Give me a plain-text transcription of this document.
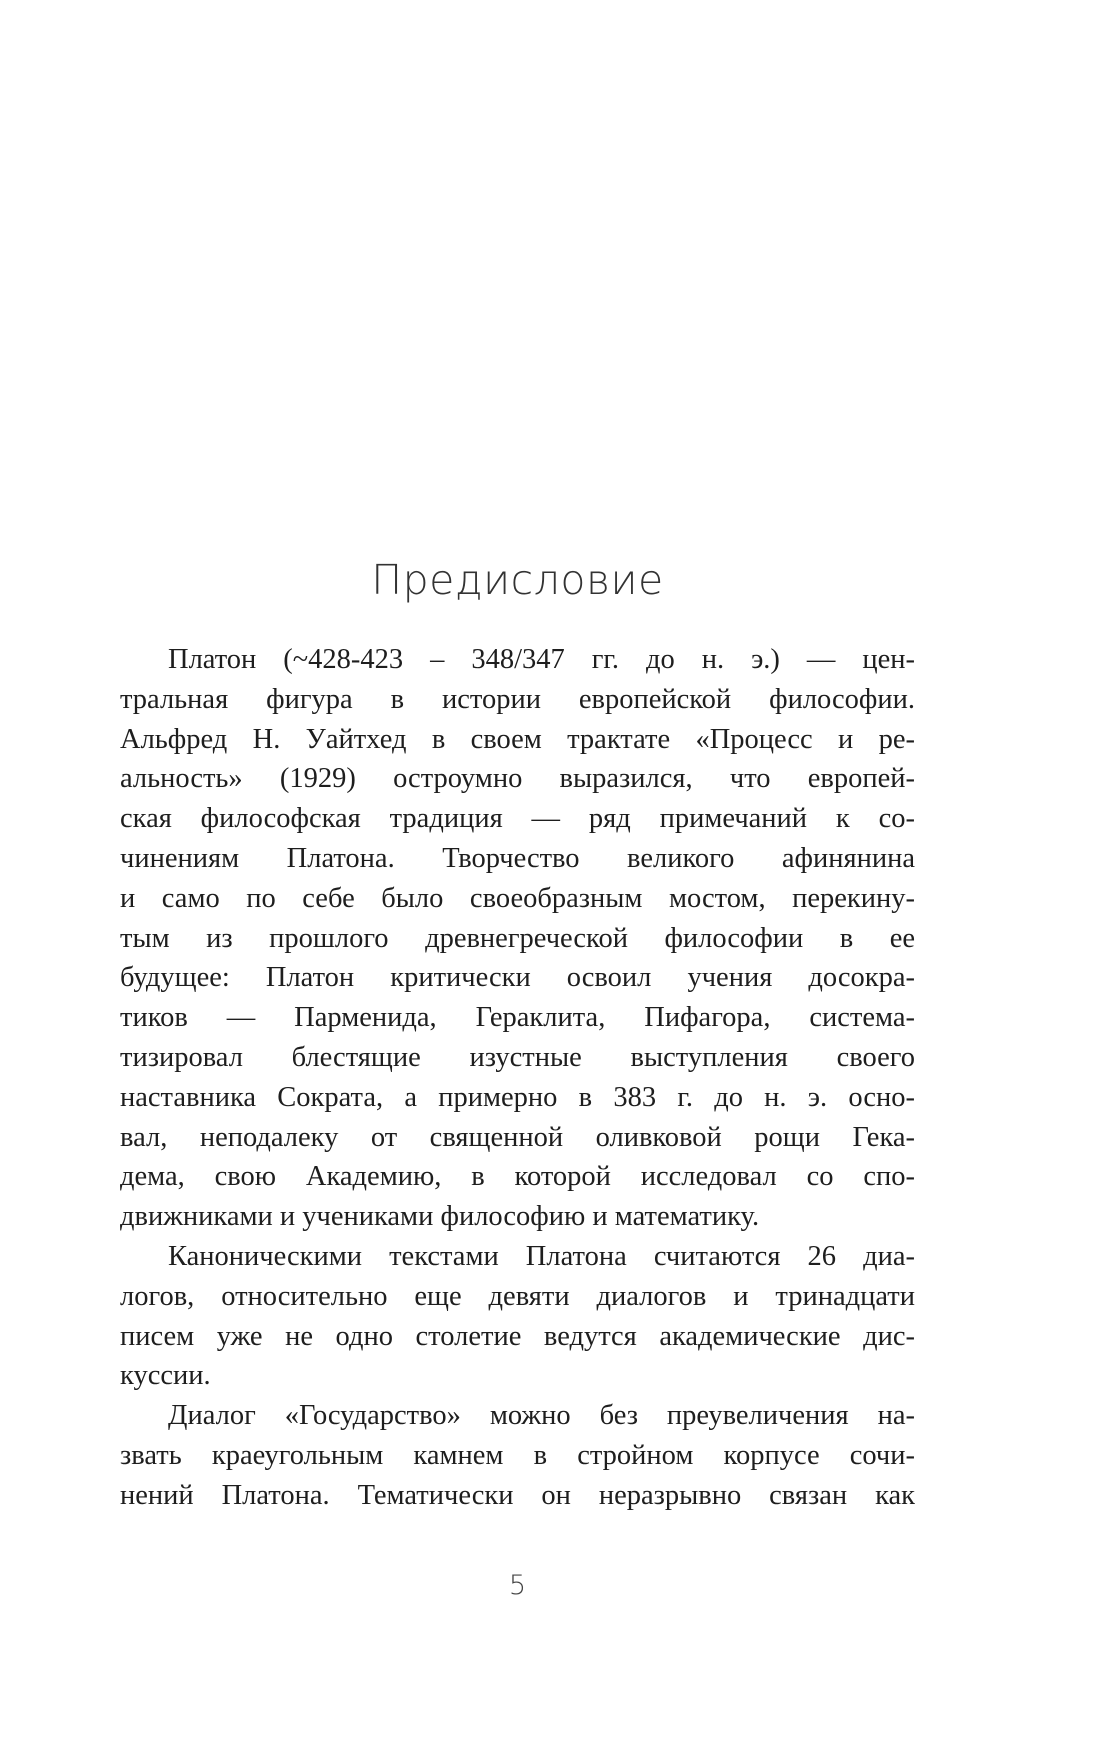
Предисловие
Платон (~428-423 – 348/347 гг. до н. э.) — цен-
тральная фигура в истории европейской философии.
Альфред Н. Уайтхед в своем трактате «Процесс и ре-
альность» (1929) остроумно выразился, что европей-
ская философская традиция — ряд примечаний к со-
чинениям Платона. Творчество великого афинянина
и само по себе было своеобразным мостом, перекину-
тым из прошлого древнегреческой философии в ее
будущее: Платон критически освоил учения досокра-
тиков — Парменида, Гераклита, Пифагора, система-
тизировал блестящие изустные выступления своего
наставника Сократа, а примерно в 383 г. до н. э. осно-
вал, неподалеку от священной оливковой рощи Гека-
дема, свою Академию, в которой исследовал со спо-
движниками и учениками философию и математику.
Каноническими текстами Платона считаются 26 диа-
логов, относительно еще девяти диалогов и тринадцати
писем уже не одно столетие ведутся академические дис-
куссии.
Диалог «Государство» можно без преувеличения на-
звать краеугольным камнем в стройном корпусе сочи-
нений Платона. Тематически он неразрывно связан как
5
